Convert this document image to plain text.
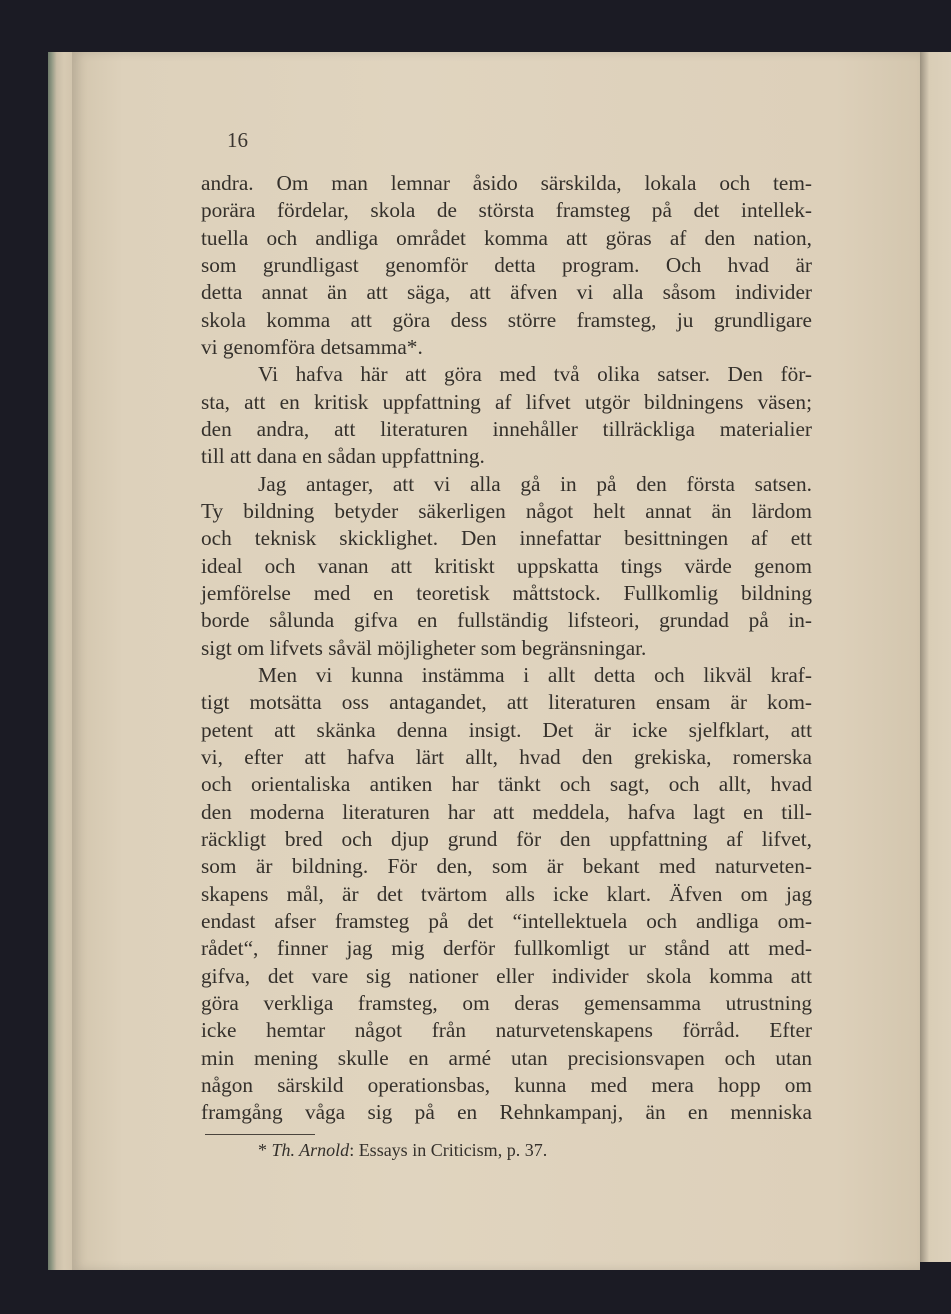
16
andra. Om man lemnar åsido särskilda, lokala och tem-
porära fördelar, skola de största framsteg på det intellek-
tuella och andliga området komma att göras af den nation,
som grundligast genomför detta program. Och hvad är
detta annat än att säga, att äfven vi alla såsom individer
skola komma att göra dess större framsteg, ju grundligare
vi genomföra detsamma*.
Vi hafva här att göra med två olika satser. Den för-
sta, att en kritisk uppfattning af lifvet utgör bildningens väsen;
den andra, att literaturen innehåller tillräckliga materialier
till att dana en sådan uppfattning.
Jag antager, att vi alla gå in på den första satsen.
Ty bildning betyder säkerligen något helt annat än lärdom
och teknisk skicklighet. Den innefattar besittningen af ett
ideal och vanan att kritiskt uppskatta tings värde genom
jemförelse med en teoretisk måttstock. Fullkomlig bildning
borde sålunda gifva en fullständig lifsteori, grundad på in-
sigt om lifvets såväl möjligheter som begränsningar.
Men vi kunna instämma i allt detta och likväl kraf-
tigt motsätta oss antagandet, att literaturen ensam är kom-
petent att skänka denna insigt. Det är icke sjelfklart, att
vi, efter att hafva lärt allt, hvad den grekiska, romerska
och orientaliska antiken har tänkt och sagt, och allt, hvad
den moderna literaturen har att meddela, hafva lagt en till-
räckligt bred och djup grund för den uppfattning af lifvet,
som är bildning. För den, som är bekant med naturveten-
skapens mål, är det tvärtom alls icke klart. Äfven om jag
endast afser framsteg på det “intellektuela och andliga om-
rådet“, finner jag mig derför fullkomligt ur stånd att med-
gifva, det vare sig nationer eller individer skola komma att
göra verkliga framsteg, om deras gemensamma utrustning
icke hemtar något från naturvetenskapens förråd. Efter
min mening skulle en armé utan precisionsvapen och utan
någon särskild operationsbas, kunna med mera hopp om
framgång våga sig på en Rehnkampanj, än en menniska
* Th. Arnold: Essays in Criticism, p. 37.
